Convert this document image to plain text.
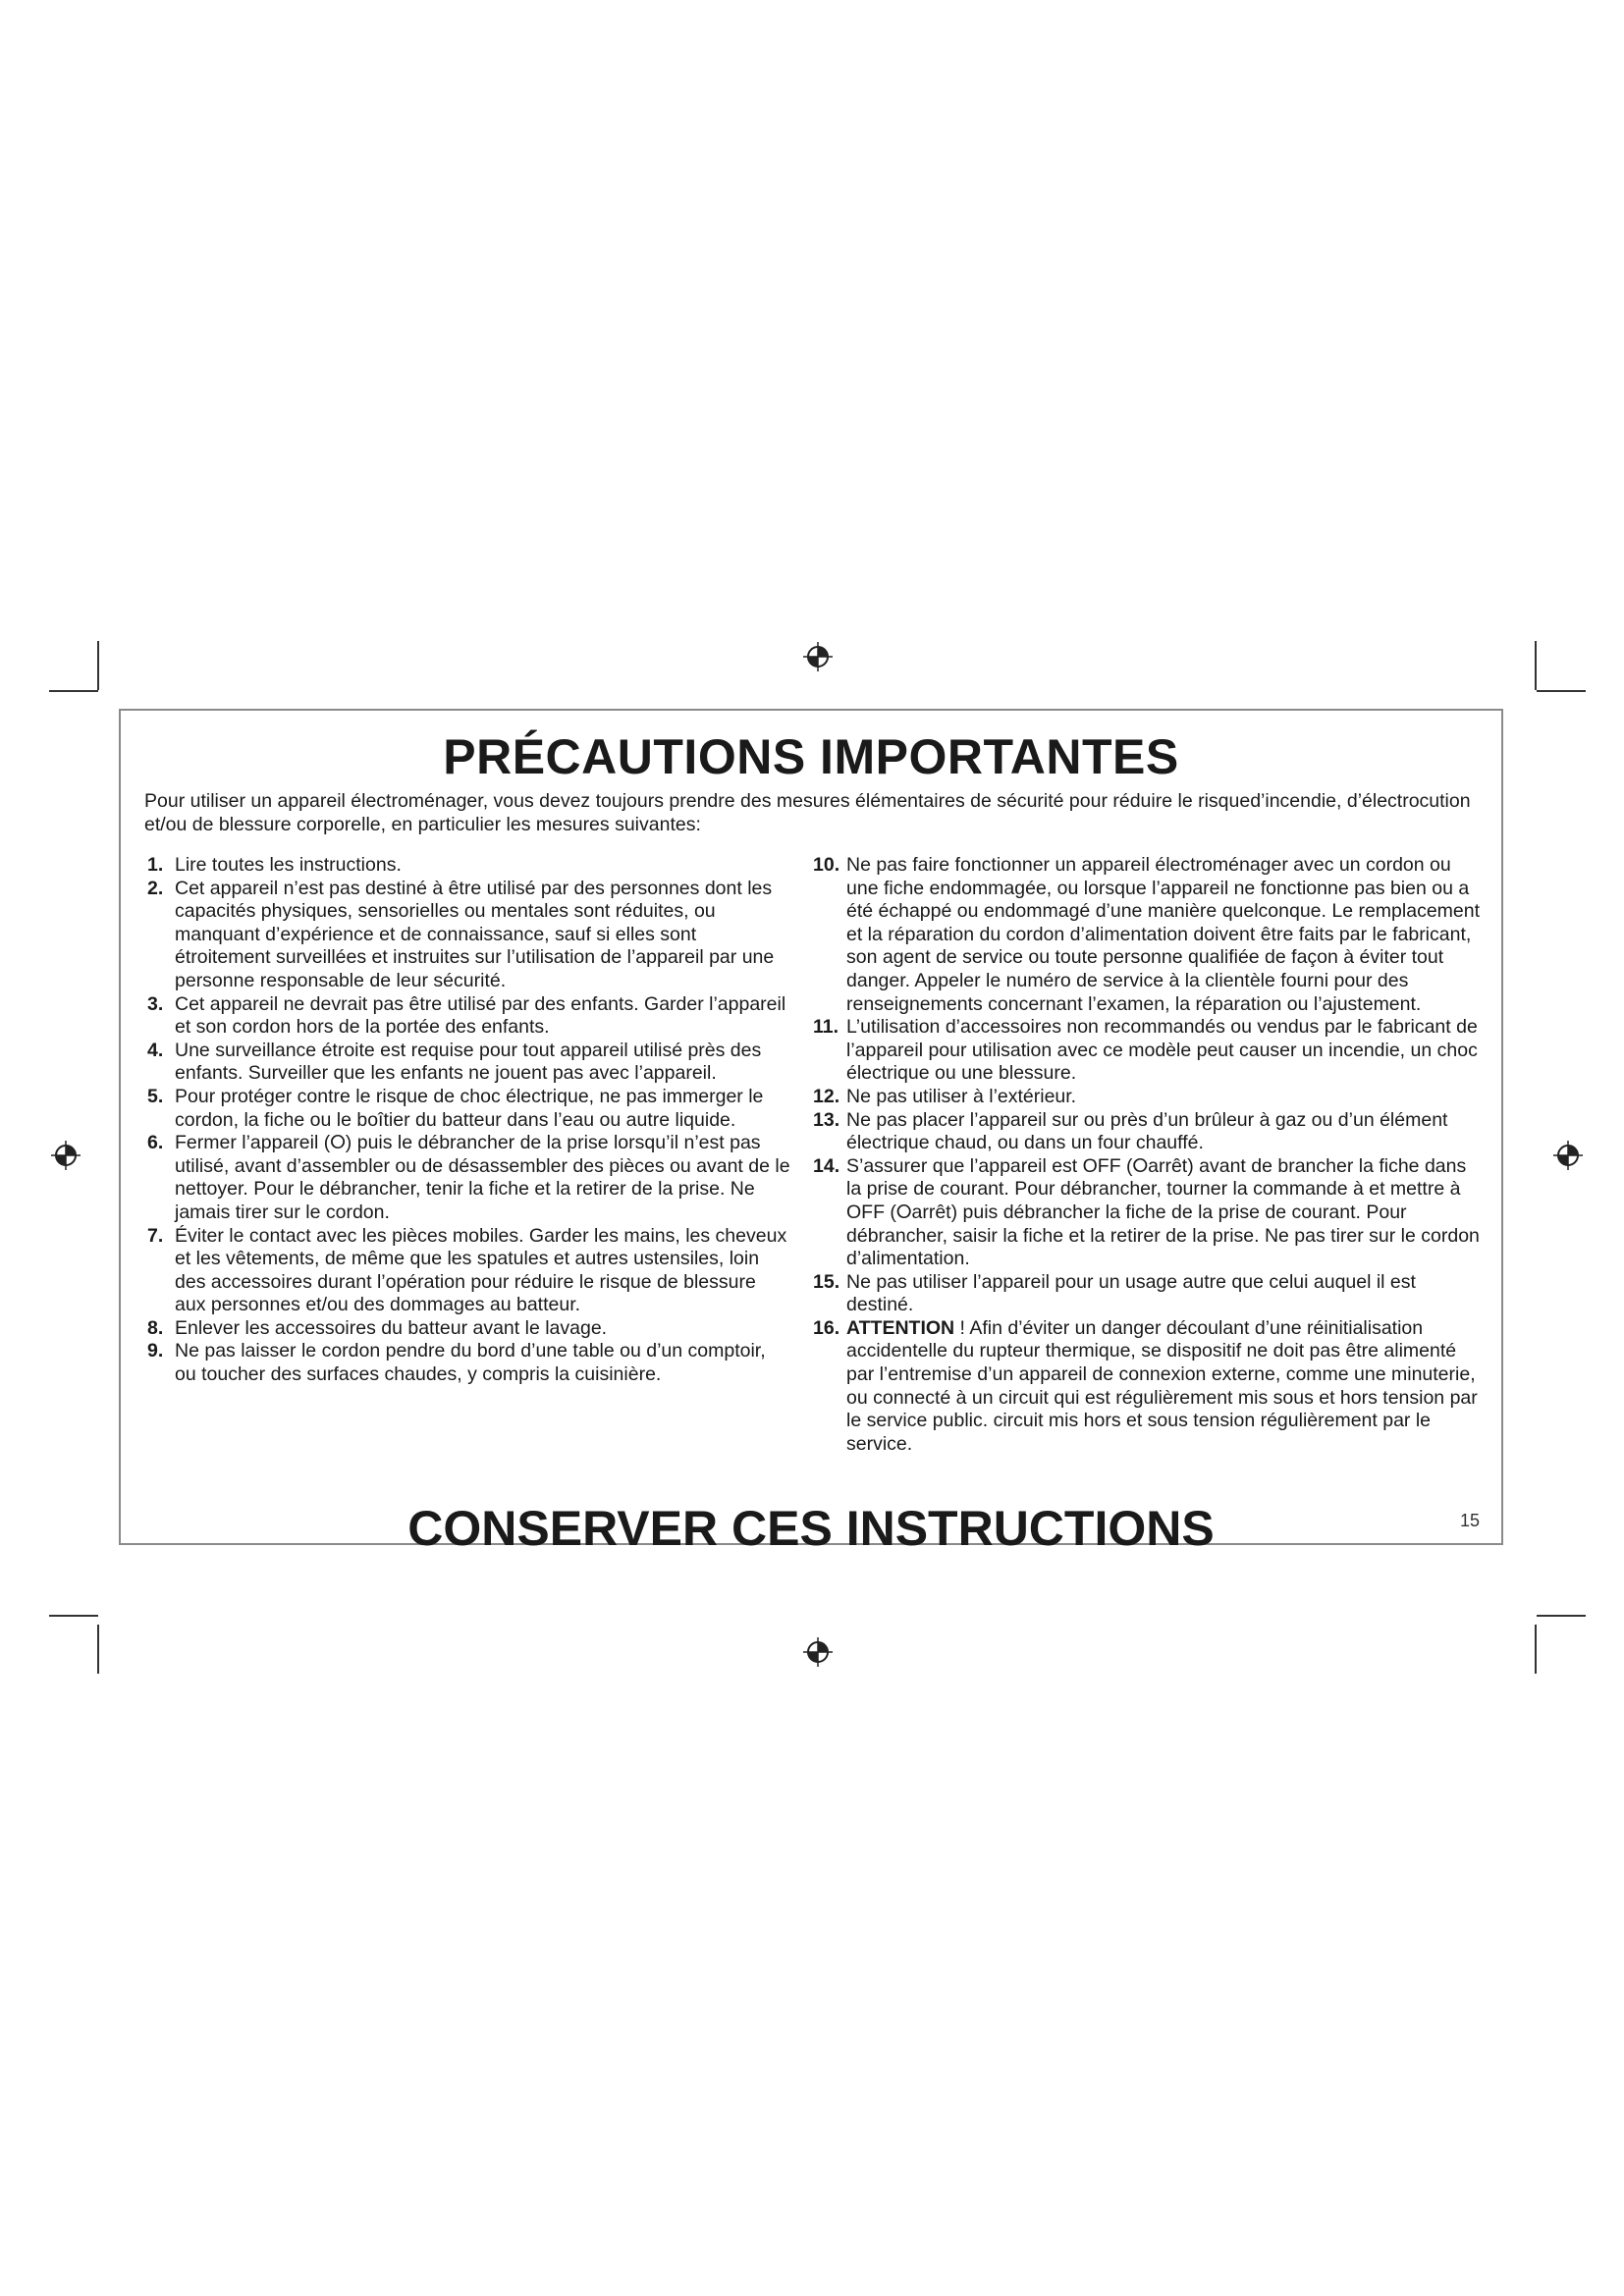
PRÉCAUTIONS IMPORTANTES

Pour utiliser un appareil électroménager, vous devez toujours prendre des mesures élémentaires de sécurité pour réduire le risqued’incendie, d’électrocution et/ou de blessure corporelle, en particulier les mesures suivantes:

1. Lire toutes les instructions.
2. Cet appareil n’est pas destiné à être utilisé par des personnes dont les capacités physiques, sensorielles ou mentales sont réduites, ou manquant d’expérience et de connaissance, sauf si elles sont étroitement surveillées et instruites sur l’utilisation de l’appareil par une personne responsable de leur sécurité.
3. Cet appareil ne devrait pas être utilisé par des enfants. Garder l’appareil et son cordon hors de la portée des enfants.
4. Une surveillance étroite est requise pour tout appareil utilisé près des enfants. Surveiller que les enfants ne jouent pas avec l’appareil.
5. Pour protéger contre le risque de choc électrique, ne pas immerger le cordon, la fiche ou le boîtier du batteur dans l’eau ou autre liquide.
6. Fermer l’appareil (⭘) puis le débrancher de la prise lorsqu’il n’est pas utilisé, avant d’assembler ou de désassembler des pièces ou avant de le nettoyer. Pour le débrancher, tenir la fiche et la retirer de la prise. Ne jamais tirer sur le cordon.
7. Éviter le contact avec les pièces mobiles. Garder les mains, les cheveux et les vêtements, de même que les spatules et autres ustensiles, loin des accessoires durant l’opération pour réduire le risque de blessure aux personnes et/ou des dommages au batteur.
8. Enlever les accessoires du batteur avant le lavage.
9. Ne pas laisser le cordon pendre du bord d’une table ou d’un comptoir, ou toucher des surfaces chaudes, y compris la cuisinière.
10. Ne pas faire fonctionner un appareil électroménager avec un cordon ou une fiche endommagée, ou lorsque l’appareil ne fonctionne pas bien ou a été échappé ou endommagé d’une manière quelconque. Le remplacement et la réparation du cordon d’alimentation doivent être faits par le fabricant, son agent de service ou toute personne qualifiée de façon à éviter tout danger. Appeler le numéro de service à la clientèle fourni pour des renseignements concernant l’examen, la réparation ou l’ajustement.
11. L’utilisation d’accessoires non recommandés ou vendus par le fabricant de l’appareil pour utilisation avec ce modèle peut causer un incendie, un choc électrique ou une blessure.
12. Ne pas utiliser à l’extérieur.
13. Ne pas placer l’appareil sur ou près d’un brûleur à gaz ou d’un élément électrique chaud, ou dans un four chauffé.
14. S’assurer que l’appareil est OFF (⭘arrêt) avant de brancher la fiche dans la prise de courant. Pour débrancher, tourner la commande à et mettre à OFF (⭘arrêt) puis débrancher la fiche de la prise de courant. Pour débrancher, saisir la fiche et la retirer de la prise. Ne pas tirer sur le cordon d’alimentation.
15. Ne pas utiliser l’appareil pour un usage autre que celui auquel il est destiné.
16. ATTENTION ! Afin d’éviter un danger découlant d’une réinitialisation accidentelle du rupteur thermique, se dispositif ne doit pas être alimenté par l’entremise d’un appareil de connexion externe, comme une minuterie, ou connecté à un circuit qui est régulièrement mis sous et hors tension par le service public. circuit mis hors et sous tension régulièrement par le service.
CONSERVER CES INSTRUCTIONS	15
